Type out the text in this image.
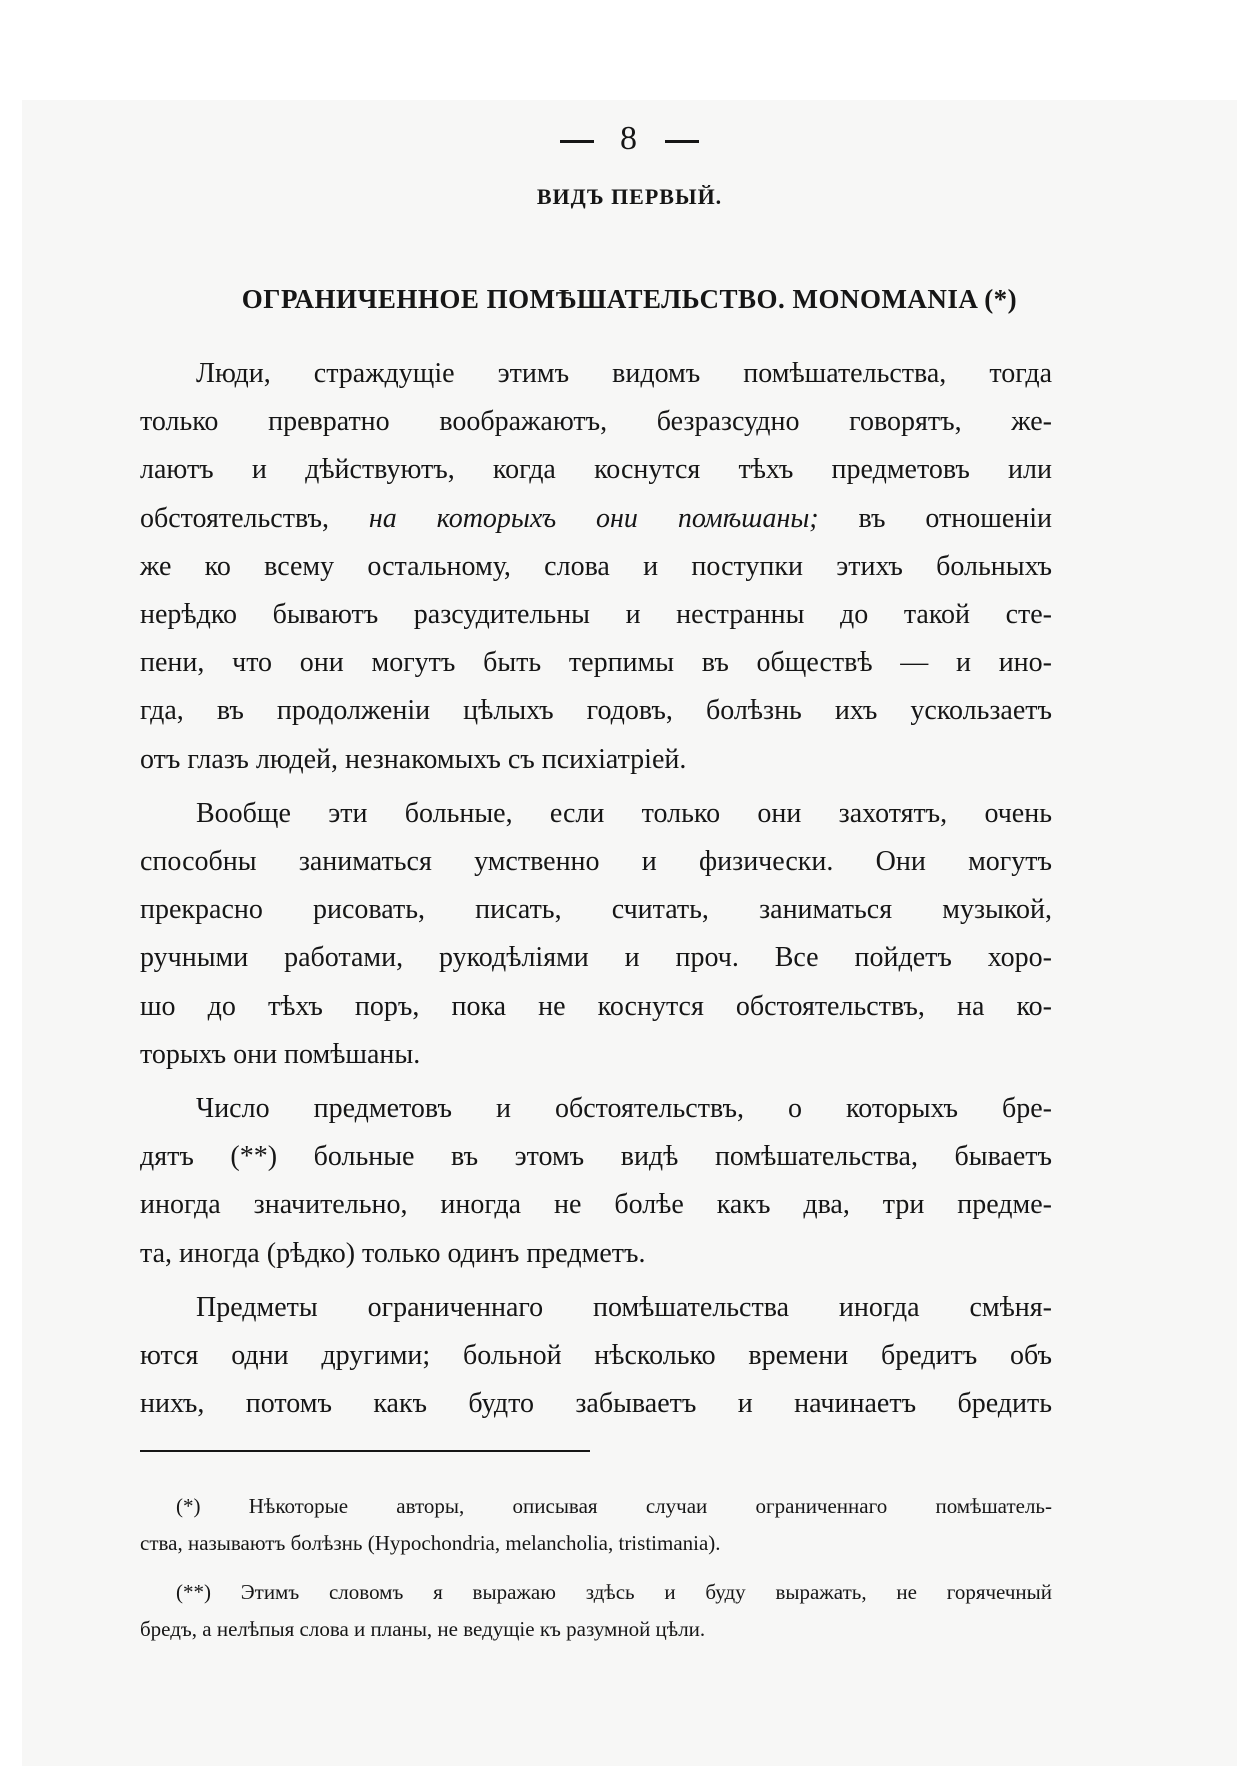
8
ВИДЪ ПЕРВЫЙ.
ОГРАНИЧЕННОЕ ПОМѢШАТЕЛЬСТВО. MONOMANIA (*)

Люди, страждущіе этимъ видомъ помѣшательства, тогда
только превратно воображаютъ, безразсудно говорятъ, же-
лаютъ и дѣйствуютъ, когда коснутся тѣхъ предметовъ или
обстоятельствъ, на которыхъ они помѣшаны; въ отношеніи
же ко всему остальному, слова и поступки этихъ больныхъ
нерѣдко бываютъ разсудительны и нестранны до такой сте-
пени, что они могутъ быть терпимы въ обществѣ — и ино-
гда, въ продолженіи цѣлыхъ годовъ, болѣзнь ихъ ускользаетъ
отъ глазъ людей, незнакомыхъ съ психіатріей.

Вообще эти больные, если только они захотятъ, очень
способны заниматься умственно и физически. Они могутъ
прекрасно рисовать, писать, считать, заниматься музыкой,
ручными работами, рукодѣліями и проч. Все пойдетъ хоро-
шо до тѣхъ поръ, пока не коснутся обстоятельствъ, на ко-
торыхъ они помѣшаны.

Число предметовъ и обстоятельствъ, о которыхъ бре-
дятъ (**) больные въ этомъ видѣ помѣшательства, бываетъ
иногда значительно, иногда не болѣе какъ два, три предме-
та, иногда (рѣдко) только одинъ предметъ.

Предметы ограниченнаго помѣшательства иногда смѣня-
ются одни другими; больной нѣсколько времени бредитъ объ
нихъ, потомъ какъ будто забываетъ и начинаетъ бредить

(*) Нѣкоторые авторы, описывая случаи ограниченнаго помѣшатель-
ства, называютъ болѣзнь (Hypochondria, melancholia, tristimania).

(**) Этимъ словомъ я выражаю здѣсь и буду выражать, не горячечный
бредъ, а нелѣпыя слова и планы, не ведущіе къ разумной цѣли.
